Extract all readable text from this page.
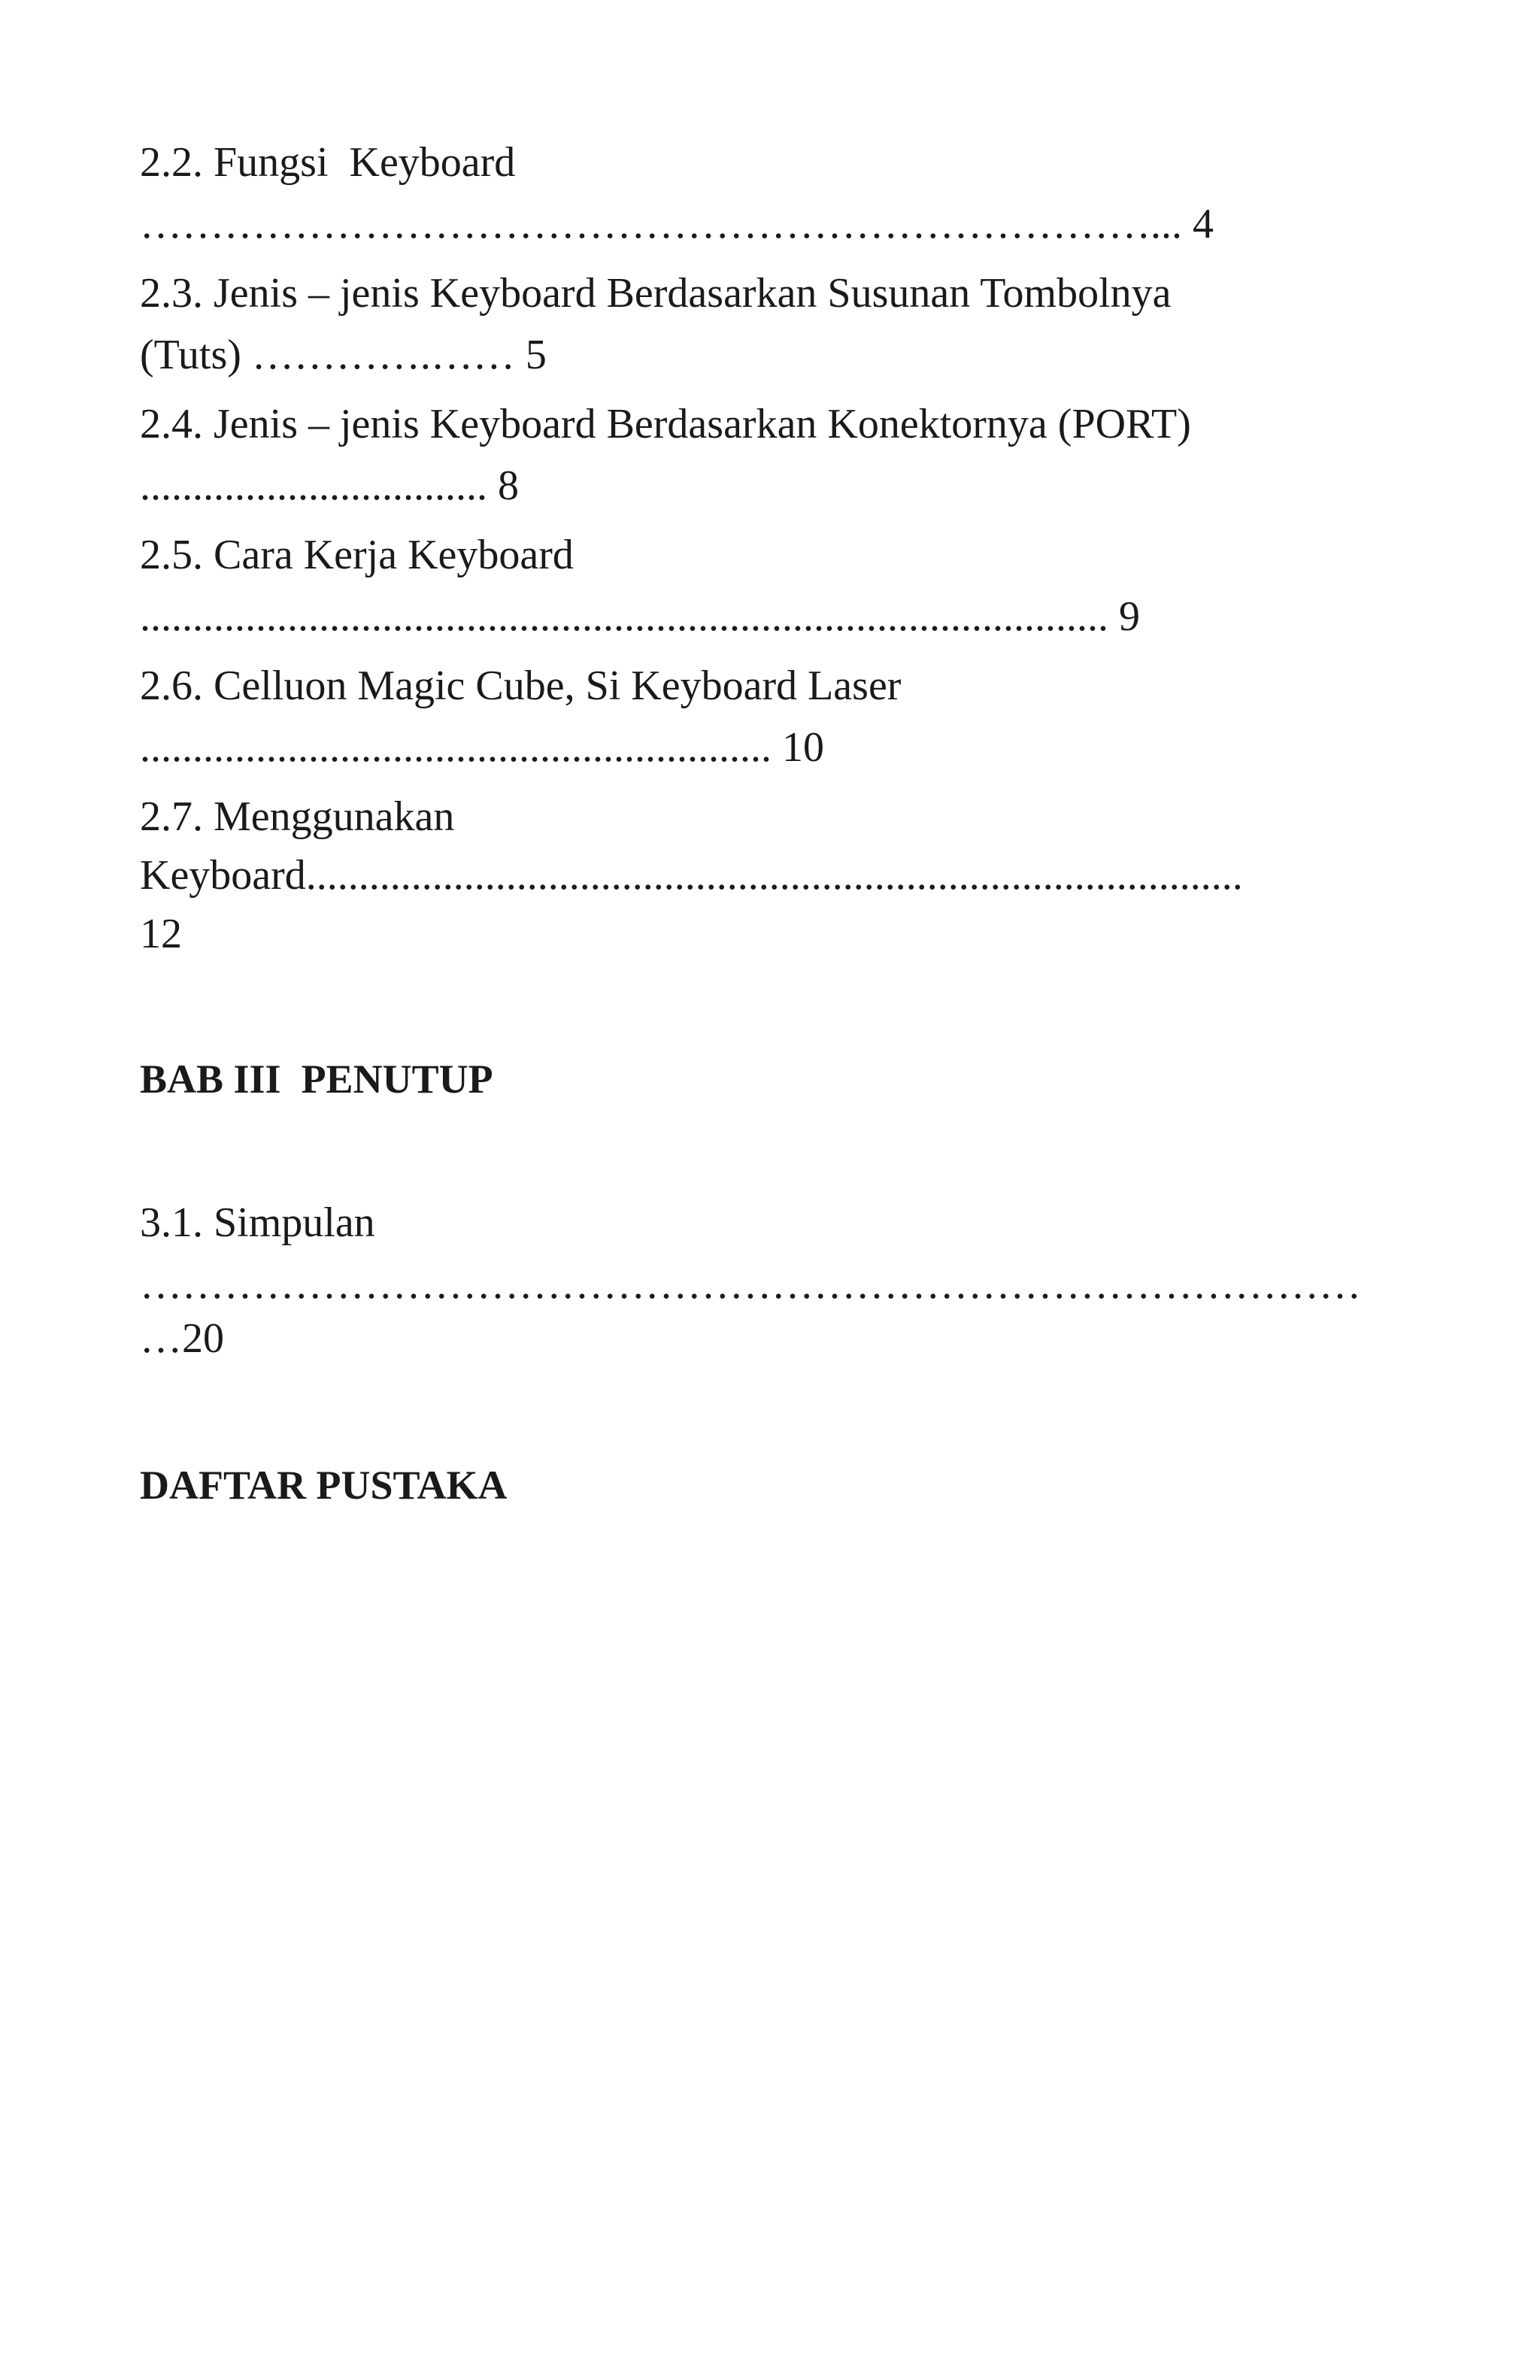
2.2. Fungsi  Keyboard

………………………………………………………………... 4

2.3. Jenis – jenis Keyboard Berdasarkan Susunan Tombolnya

(Tuts) ………….…… 5

2.4. Jenis – jenis Keyboard Berdasarkan Konektornya (PORT)

................................. 8

2.5. Cara Kerja Keyboard

............................................................................................ 9

2.6. Celluon Magic Cube, Si Keyboard Laser

............................................................ 10

2.7. Menggunakan

Keyboard.........................................................................................

12

BAB III  PENUTUP

3.1. Simpulan

……………………………………………………………………………

…20

DAFTAR PUSTAKA
